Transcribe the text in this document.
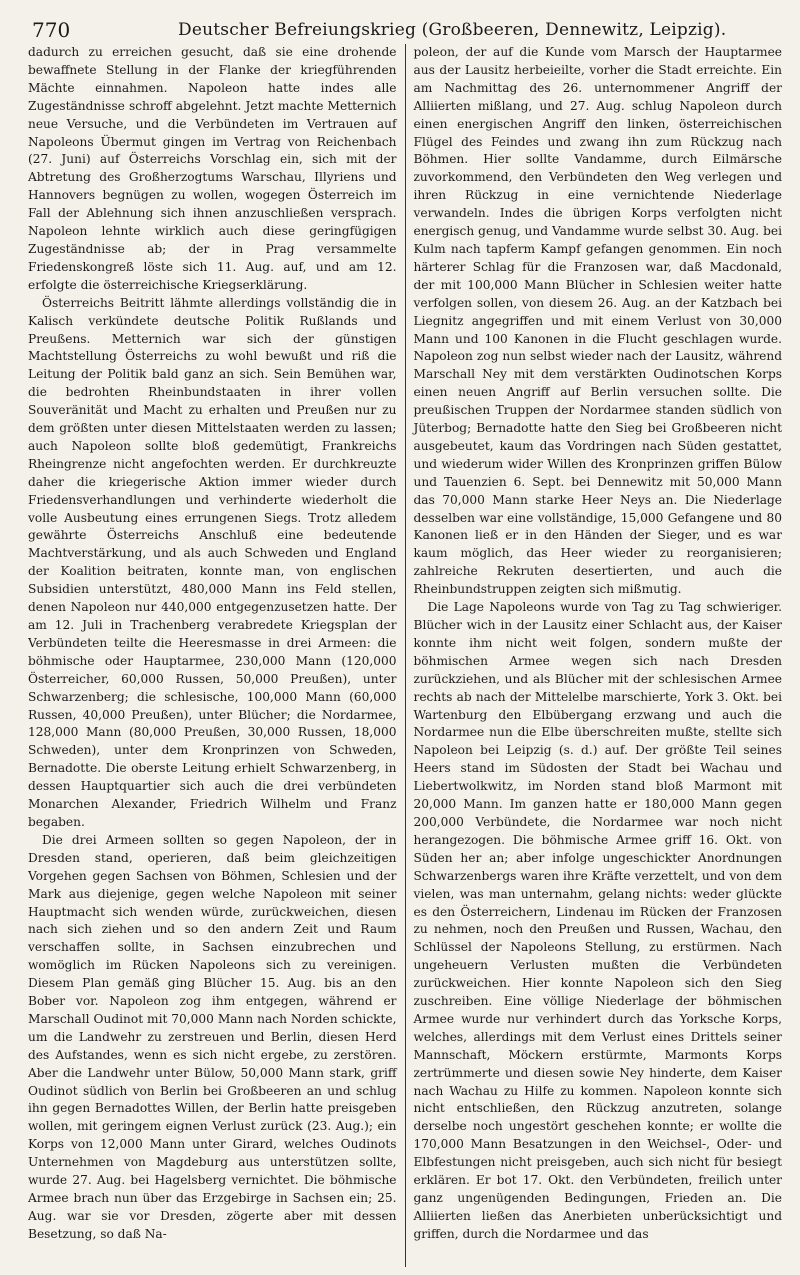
770	Deutscher Befreiungskrieg (Großbeeren, Dennewitz, Leipzig).

dadurch zu erreichen gesucht, daß sie eine drohende bewaffnete Stellung in der Flanke der kriegführenden Mächte einnahmen. Napoleon hatte indes alle Zugeständnisse schroff abgelehnt. Jetzt machte Metternich neue Versuche, und die Verbündeten im Vertrauen auf Napoleons Übermut gingen im Vertrag von Reichenbach (27. Juni) auf Österreichs Vorschlag ein, sich mit der Abtretung des Großherzogtums Warschau, Illyriens und Hannovers begnügen zu wollen, wogegen Österreich im Fall der Ablehnung sich ihnen anzuschließen versprach. Napoleon lehnte wirklich auch diese geringfügigen Zugeständnisse ab; der in Prag versammelte Friedenskongreß löste sich 11. Aug. auf, und am 12. erfolgte die österreichische Kriegserklärung.

Österreichs Beitritt lähmte allerdings vollständig die in Kalisch verkündete deutsche Politik Rußlands und Preußens. Metternich war sich der günstigen Machtstellung Österreichs zu wohl bewußt und riß die Leitung der Politik bald ganz an sich. Sein Bemühen war, die bedrohten Rheinbundstaaten in ihrer vollen Souveränität und Macht zu erhalten und Preußen nur zu dem größten unter diesen Mittelstaaten werden zu lassen; auch Napoleon sollte bloß gedemütigt, Frankreichs Rheingrenze nicht angefochten werden. Er durchkreuzte daher die kriegerische Aktion immer wieder durch Friedensverhandlungen und verhinderte wiederholt die volle Ausbeutung eines errungenen Siegs. Trotz alledem gewährte Österreichs Anschluß eine bedeutende Machtverstärkung, und als auch Schweden und England der Koalition beitraten, konnte man, von englischen Subsidien unterstützt, 480,000 Mann ins Feld stellen, denen Napoleon nur 440,000 entgegenzusetzen hatte. Der am 12. Juli in Trachenberg verabredete Kriegsplan der Verbündeten teilte die Heeresmasse in drei Armeen: die böhmische oder Hauptarmee, 230,000 Mann (120,000 Österreicher, 60,000 Russen, 50,000 Preußen), unter Schwarzenberg; die schlesische, 100,000 Mann (60,000 Russen, 40,000 Preußen), unter Blücher; die Nordarmee, 128,000 Mann (80,000 Preußen, 30,000 Russen, 18,000 Schweden), unter dem Kronprinzen von Schweden, Bernadotte. Die oberste Leitung erhielt Schwarzenberg, in dessen Hauptquartier sich auch die drei verbündeten Monarchen Alexander, Friedrich Wilhelm und Franz begaben.

Die drei Armeen sollten so gegen Napoleon, der in Dresden stand, operieren, daß beim gleichzeitigen Vorgehen gegen Sachsen von Böhmen, Schlesien und der Mark aus diejenige, gegen welche Napoleon mit seiner Hauptmacht sich wenden würde, zurückweichen, diesen nach sich ziehen und so den andern Zeit und Raum verschaffen sollte, in Sachsen einzubrechen und womöglich im Rücken Napoleons sich zu vereinigen. Diesem Plan gemäß ging Blücher 15. Aug. bis an den Bober vor. Napoleon zog ihm entgegen, während er Marschall Oudinot mit 70,000 Mann nach Norden schickte, um die Landwehr zu zerstreuen und Berlin, diesen Herd des Aufstandes, wenn es sich nicht ergebe, zu zerstören. Aber die Landwehr unter Bülow, 50,000 Mann stark, griff Oudinot südlich von Berlin bei Großbeeren an und schlug ihn gegen Bernadottes Willen, der Berlin hatte preisgeben wollen, mit geringem eignen Verlust zurück (23. Aug.); ein Korps von 12,000 Mann unter Girard, welches Oudinots Unternehmen von Magdeburg aus unterstützen sollte, wurde 27. Aug. bei Hagelsberg vernichtet. Die böhmische Armee brach nun über das Erzgebirge in Sachsen ein; 25. Aug. war sie vor Dresden, zögerte aber mit dessen Besetzung, so daß Na-

poleon, der auf die Kunde vom Marsch der Hauptarmee aus der Lausitz herbeieilte, vorher die Stadt erreichte. Ein am Nachmittag des 26. unternommener Angriff der Alliierten mißlang, und 27. Aug. schlug Napoleon durch einen energischen Angriff den linken, österreichischen Flügel des Feindes und zwang ihn zum Rückzug nach Böhmen. Hier sollte Vandamme, durch Eilmärsche zuvorkommend, den Verbündeten den Weg verlegen und ihren Rückzug in eine vernichtende Niederlage verwandeln. Indes die übrigen Korps verfolgten nicht energisch genug, und Vandamme wurde selbst 30. Aug. bei Kulm nach tapferm Kampf gefangen genommen. Ein noch härterer Schlag für die Franzosen war, daß Macdonald, der mit 100,000 Mann Blücher in Schlesien weiter hatte verfolgen sollen, von diesem 26. Aug. an der Katzbach bei Liegnitz angegriffen und mit einem Verlust von 30,000 Mann und 100 Kanonen in die Flucht geschlagen wurde. Napoleon zog nun selbst wieder nach der Lausitz, während Marschall Ney mit dem verstärkten Oudinotschen Korps einen neuen Angriff auf Berlin versuchen sollte. Die preußischen Truppen der Nordarmee standen südlich von Jüterbog; Bernadotte hatte den Sieg bei Großbeeren nicht ausgebeutet, kaum das Vordringen nach Süden gestattet, und wiederum wider Willen des Kronprinzen griffen Bülow und Tauenzien 6. Sept. bei Dennewitz mit 50,000 Mann das 70,000 Mann starke Heer Neys an. Die Niederlage desselben war eine vollständige, 15,000 Gefangene und 80 Kanonen ließ er in den Händen der Sieger, und es war kaum möglich, das Heer wieder zu reorganisieren; zahlreiche Rekruten desertierten, und auch die Rheinbundstruppen zeigten sich mißmutig.

Die Lage Napoleons wurde von Tag zu Tag schwieriger. Blücher wich in der Lausitz einer Schlacht aus, der Kaiser konnte ihm nicht weit folgen, sondern mußte der böhmischen Armee wegen sich nach Dresden zurückziehen, und als Blücher mit der schlesischen Armee rechts ab nach der Mittelelbe marschierte, York 3. Okt. bei Wartenburg den Elbübergang erzwang und auch die Nordarmee nun die Elbe überschreiten mußte, stellte sich Napoleon bei Leipzig (s. d.) auf. Der größte Teil seines Heers stand im Südosten der Stadt bei Wachau und Liebertwolkwitz, im Norden stand bloß Marmont mit 20,000 Mann. Im ganzen hatte er 180,000 Mann gegen 200,000 Verbündete, die Nordarmee war noch nicht herangezogen. Die böhmische Armee griff 16. Okt. von Süden her an; aber infolge ungeschickter Anordnungen Schwarzenbergs waren ihre Kräfte verzettelt, und von dem vielen, was man unternahm, gelang nichts: weder glückte es den Österreichern, Lindenau im Rücken der Franzosen zu nehmen, noch den Preußen und Russen, Wachau, den Schlüssel der Napoleons Stellung, zu erstürmen. Nach ungeheuern Verlusten mußten die Verbündeten zurückweichen. Hier konnte Napoleon sich den Sieg zuschreiben. Eine völlige Niederlage der böhmischen Armee wurde nur verhindert durch das Yorksche Korps, welches, allerdings mit dem Verlust eines Drittels seiner Mannschaft, Möckern erstürmte, Marmonts Korps zertrümmerte und diesen sowie Ney hinderte, dem Kaiser nach Wachau zu Hilfe zu kommen. Napoleon konnte sich nicht entschließen, den Rückzug anzutreten, solange derselbe noch ungestört geschehen konnte; er wollte die 170,000 Mann Besatzungen in den Weichsel-, Oder- und Elbfestungen nicht preisgeben, auch sich nicht für besiegt erklären. Er bot 17. Okt. den Verbündeten, freilich unter ganz ungenügenden Bedingungen, Frieden an. Die Alliierten ließen das Anerbieten unberücksichtigt und griffen, durch die Nordarmee und das
